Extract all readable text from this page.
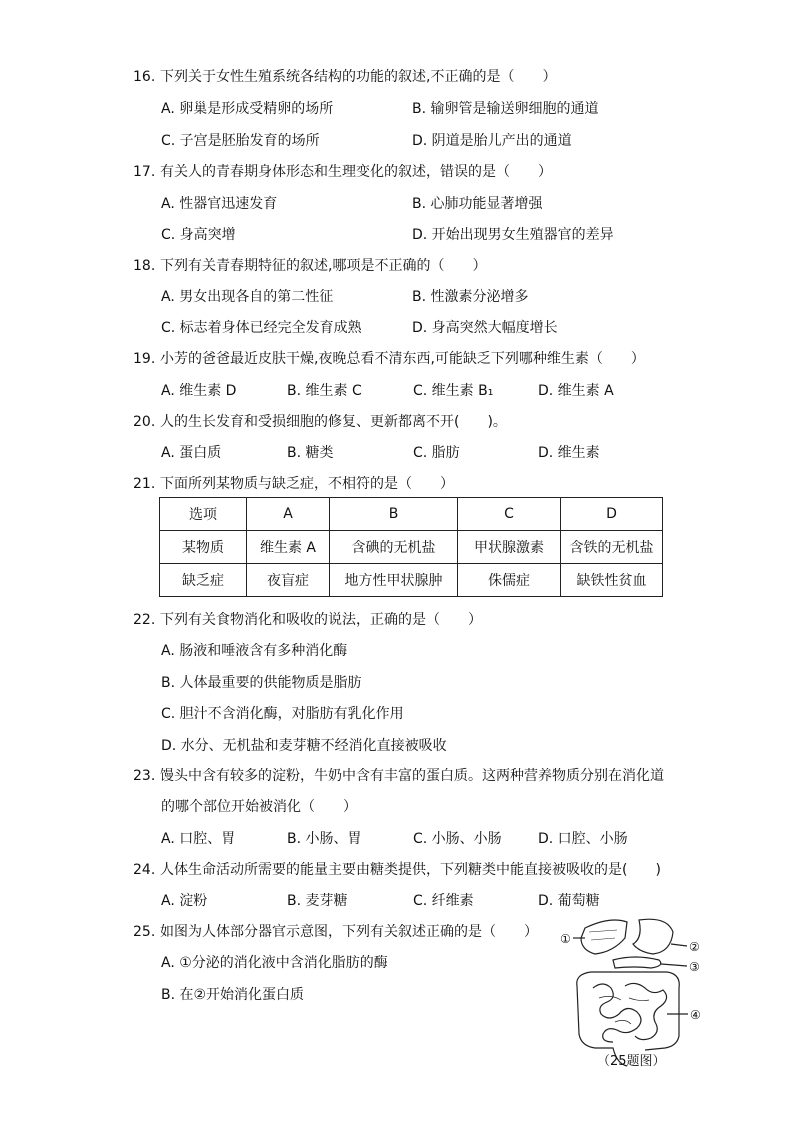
16. 下列关于女性生殖系统各结构的功能的叙述,不正确的是（　　）
A. 卵巢是形成受精卵的场所	B. 输卵管是输送卵细胞的通道
C. 子宫是胚胎发育的场所	D. 阴道是胎儿产出的通道
17. 有关人的青春期身体形态和生理变化的叙述，错误的是（　　）
A. 性器官迅速发育	B. 心肺功能显著增强
C. 身高突增	D. 开始出现男女生殖器官的差异
18. 下列有关青春期特征的叙述,哪项是不正确的（　　）
A. 男女出现各自的第二性征	B. 性激素分泌增多
C. 标志着身体已经完全发育成熟	D. 身高突然大幅度增长
19. 小芳的爸爸最近皮肤干燥,夜晚总看不清东西,可能缺乏下列哪种维生素（　　）
A. 维生素 D	B. 维生素 C	C. 维生素 B₁	D. 维生素 A
20. 人的生长发育和受损细胞的修复、更新都离不开(　　)。
A. 蛋白质	B. 糖类	C. 脂肪	D. 维生素
21. 下面所列某物质与缺乏症，不相符的是（　　）
选项	A	B	C	D
某物质	维生素 A	含碘的无机盐	甲状腺激素	含铁的无机盐
缺乏症	夜盲症	地方性甲状腺肿	侏儒症	缺铁性贫血
22. 下列有关食物消化和吸收的说法，正确的是（　　）
A. 肠液和唾液含有多种消化酶
B. 人体最重要的供能物质是脂肪
C. 胆汁不含消化酶，对脂肪有乳化作用
D. 水分、无机盐和麦芽糖不经消化直接被吸收
23. 馒头中含有较多的淀粉，牛奶中含有丰富的蛋白质。这两种营养物质分别在消化道
的哪个部位开始被消化（　　）
A. 口腔、胃	B. 小肠、胃	C. 小肠、小肠	D. 口腔、小肠
24. 人体生命活动所需要的能量主要由糖类提供，下列糖类中能直接被吸收的是(　　)
A. 淀粉	B. 麦芽糖	C. 纤维素	D. 葡萄糖
25. 如图为人体部分器官示意图，下列有关叙述正确的是（　　）
A. ①分泌的消化液中含消化脂肪的酶
B. 在②开始消化蛋白质
①
②
③
④
（25题图）
